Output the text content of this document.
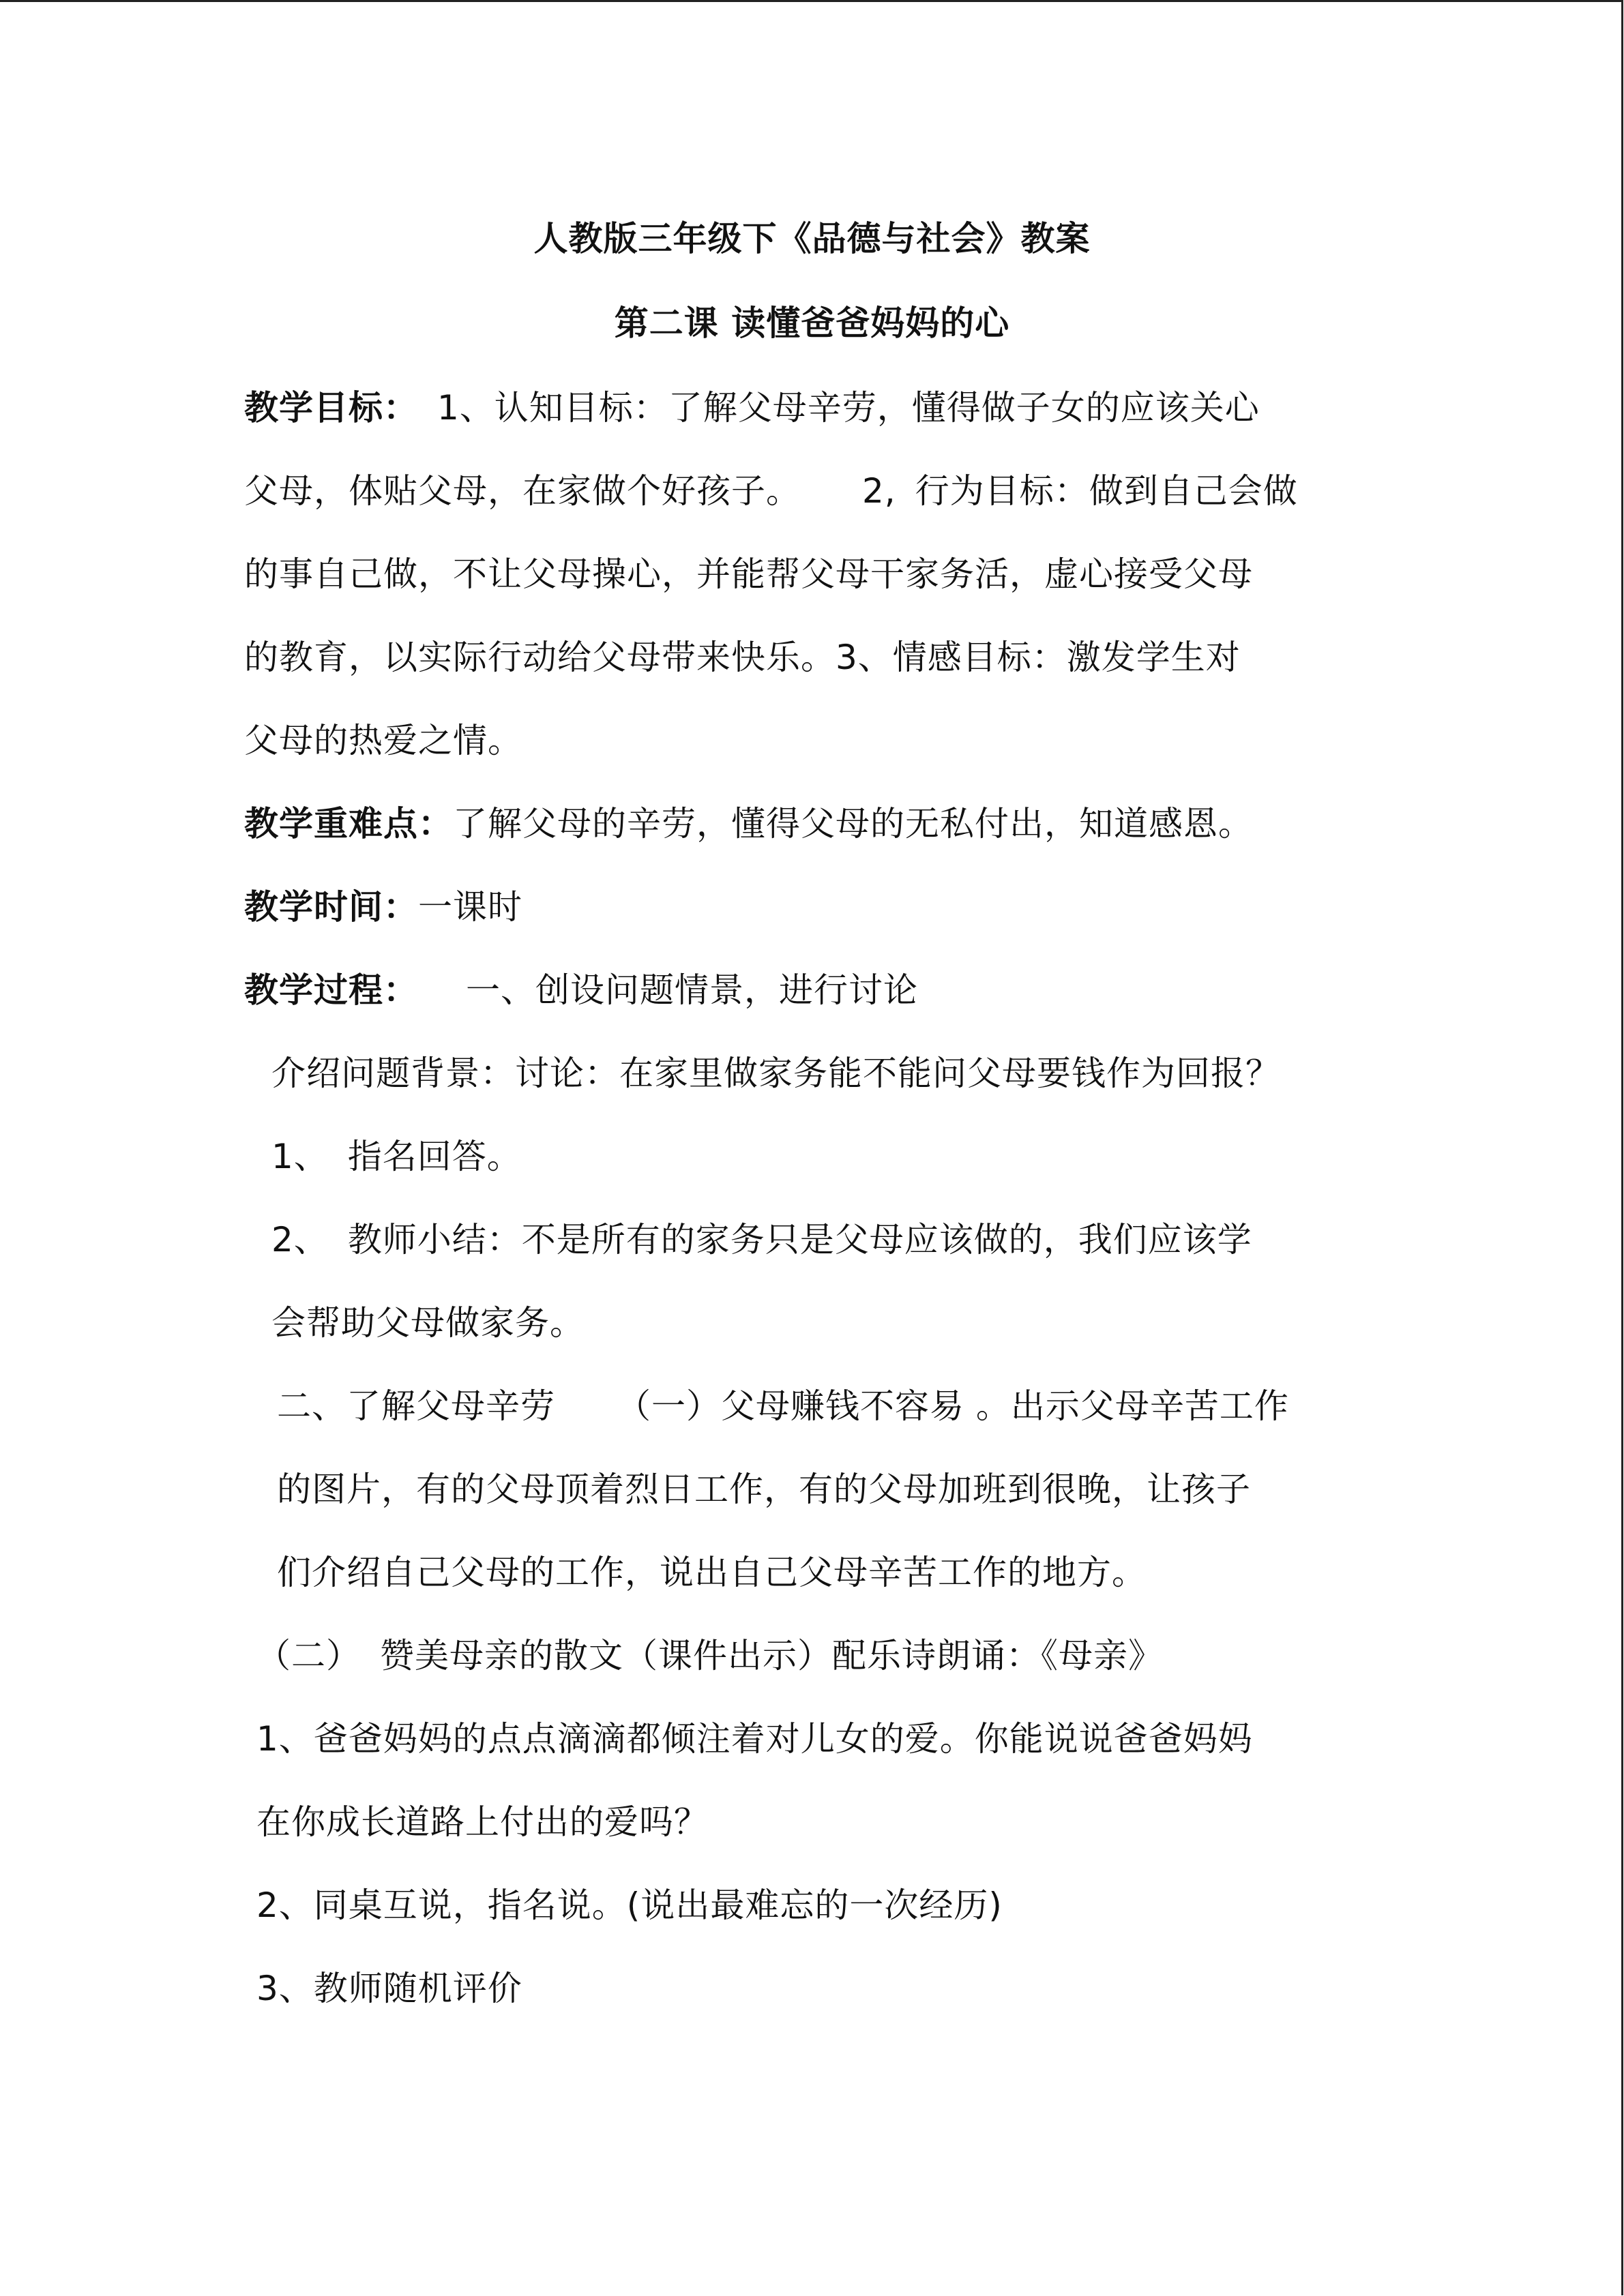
人教版三年级下《品德与社会》教案
第二课 读懂爸爸妈妈的心
教学目标： 1、认知目标：了解父母辛劳，懂得做子女的应该关心
父母，体贴父母，在家做个好孩子。 2, 行为目标：做到自己会做
的事自己做，不让父母操心，并能帮父母干家务活，虚心接受父母
的教育，以实际行动给父母带来快乐。3、情感目标：激发学生对
父母的热爱之情。
教学重难点：了解父母的辛劳，懂得父母的无私付出，知道感恩。
教学时间：一课时
教学过程： 一、创设问题情景，进行讨论
介绍问题背景：讨论：在家里做家务能不能问父母要钱作为回报？
1、 指名回答。
2、 教师小结：不是所有的家务只是父母应该做的，我们应该学
会帮助父母做家务。
二、了解父母辛劳 （一）父母赚钱不容易 。出示父母辛苦工作
的图片，有的父母顶着烈日工作，有的父母加班到很晚，让孩子
们介绍自己父母的工作，说出自己父母辛苦工作的地方。
（二） 赞美母亲的散文（课件出示）配乐诗朗诵：《母亲》
1、爸爸妈妈的点点滴滴都倾注着对儿女的爱。你能说说爸爸妈妈
在你成长道路上付出的爱吗？
2、同桌互说，指名说。(说出最难忘的一次经历)
3、教师随机评价
